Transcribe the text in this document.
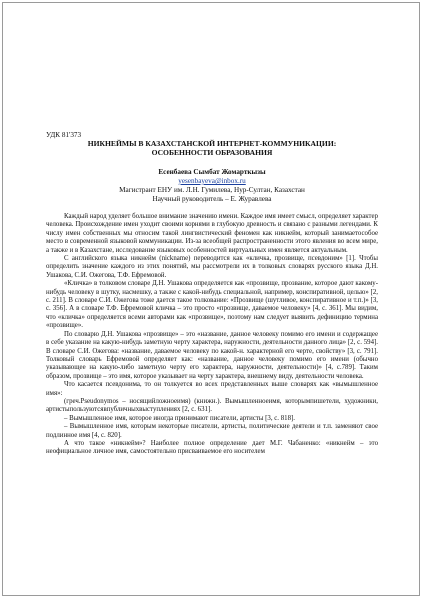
УДК 81'373
НИКНЕЙМЫ В КАЗАХСТАНСКОЙ ИНТЕРНЕТ-КОММУНИКАЦИИ:
ОСОБЕННОСТИ ОБРАЗОВАНИЯ
Есенбаева Сымбат Жомарткызы
yesenbayeva@inbox.ru
Магистрант ЕНУ им. Л.Н. Гумилева, Нур-Султан, Казахстан
Научный руководитель – Е. Журавлева

Каждый народ уделяет большое внимание значению имени. Каждое имя имеет смысл, определяет характер человека. Происхождение имен уходит своими корнями в глубокую древность и связано с разными легендами. К числу имен собственных мы относим такой лингвистический феномен как никнейм, который занимаетособое место в современной языковой коммуникации. Из-за всеобщей распространенности этого явления во всем мире, а также и в Казахстане, исследование языковых особенностей виртуальных имен является актуальным.

С английского языка никнейм (nickname) переводится как «кличка, прозвище, псевдоним» [1]. Чтобы определить значение каждого из этих понятий, мы рассмотрели их в толковых словарях русского языка Д.Н. Ушакова, С.И. Ожегова, Т.Ф. Ефремовой.

«Кличка» в толковом словаре Д.Н. Ушакова определяется как «прозвище, прозвание, которое дают какому-нибудь человеку в шутку, насмешку, а также с какой-нибудь специальной, например, конспиративной, целью» [2, с. 211]. В словаре С.И. Ожегова тоже дается такое толкование: «Прозвище (шутливое, конспиративное и т.п.)» [3, с. 356]. А в словаре Т.Ф. Ефремовой кличка – это просто «прозвище, даваемое человеку» [4, с. 361]. Мы видим, что «кличка» определяется всеми авторами как «прозвище», поэтому нам следует выявить дефиницию термина «прозвище».

По словарю Д.Н. Ушакова «прозвище» – это «название, данное человеку помимо его имени и содержащее в себе указание на какую-нибудь заметную черту характера, наружности, деятельности данного лица» [2, с. 594]. В словаре С.И. Ожегова: «название, даваемое человеку по какой-н. характерной его черте, свойству» [3, с. 791]. Толковый словарь Ефремовой определяет как: «название, данное человеку помимо его имени (обычно указывающее на какую-либо заметную черту его характера, наружности, деятельности)» [4, с.789]. Таким образом, прозвище – это имя, которое указывает на черту характера, внешнему виду, деятельности человека.

Что касается псевдонима, то он толкуется во всех представленных выше словарях как «вымышленное имя»:

(греч.Pseudonymos – носящийложноеимя) (книжн.). Вымышленноеимя, которымпишетели, художники, артистыпользуютсявпубличныхвыступлениях [2, с. 631].

– Вымышленное имя, которое иногда принимают писатели, артисты [3, с. 818].

– Вымышленное имя, которым некоторые писатели, артисты, политические деятели и т.п. заменяют свое подлинное имя [4, с. 820].

А что такое «никнейм»? Наиболее полное определение дает М.Г. Чабаненко: «никнейм – это неофициальное личное имя, самостоятельно присваиваемое его носителем
